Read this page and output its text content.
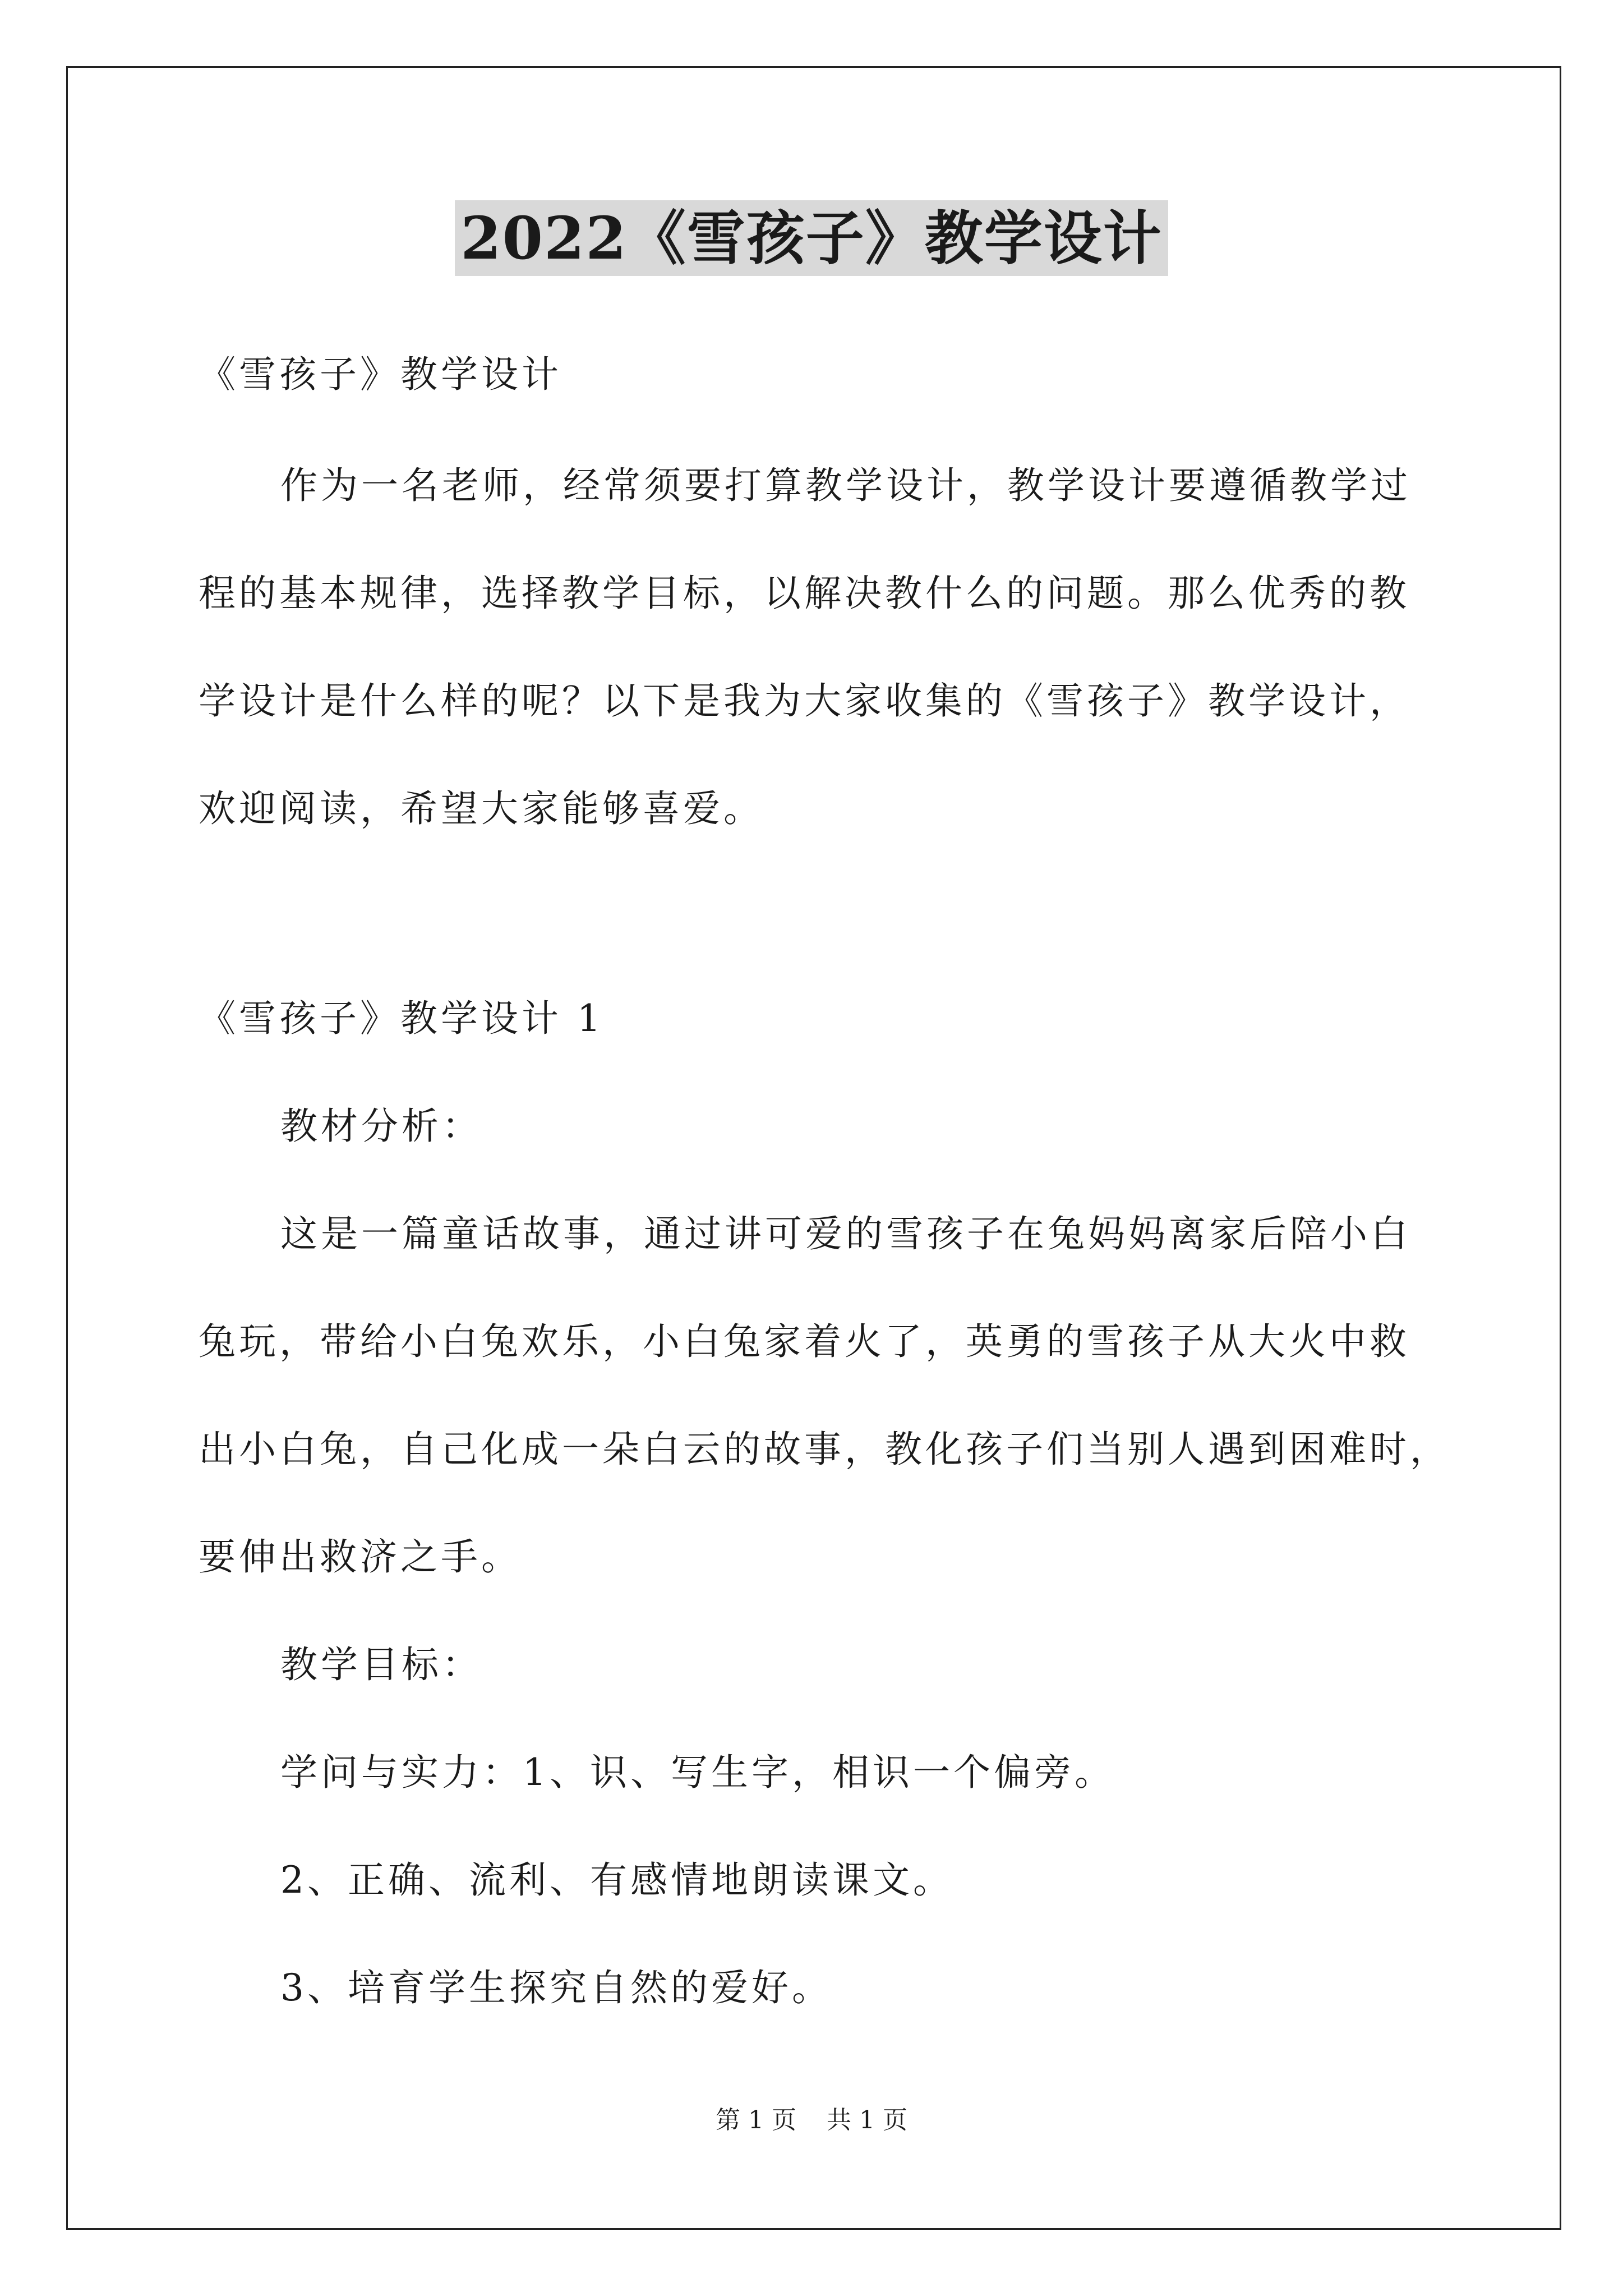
2022《雪孩子》教学设计
《雪孩子》教学设计
作为一名老师，经常须要打算教学设计，教学设计要遵循教学过
程的基本规律，选择教学目标，以解决教什么的问题。那么优秀的教
学设计是什么样的呢？以下是我为大家收集的《雪孩子》教学设计，
欢迎阅读，希望大家能够喜爱。
《雪孩子》教学设计 1
教材分析：
这是一篇童话故事，通过讲可爱的雪孩子在兔妈妈离家后陪小白
兔玩，带给小白兔欢乐，小白兔家着火了，英勇的雪孩子从大火中救
出小白兔，自己化成一朵白云的故事，教化孩子们当别人遇到困难时，
要伸出救济之手。
教学目标：
学问与实力：1、识、写生字，相识一个偏旁。
2、正确、流利、有感情地朗读课文。
3、培育学生探究自然的爱好。
第 1 页 共 1 页
